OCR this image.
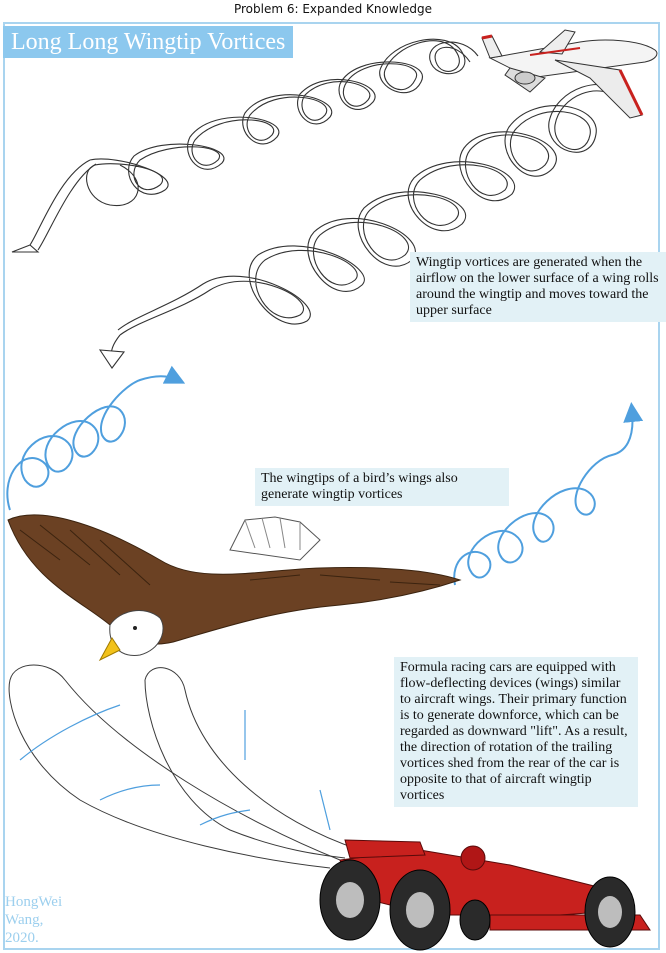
Problem 6: Expanded Knowledge
Long Long Wingtip Vortices
Wingtip vortices are generated when the airflow on the lower surface of a wing rolls around the wingtip and moves toward the upper surface
The wingtips of a bird’s wings also generate wingtip vortices
Formula racing cars are equipped with flow-deflecting devices (wings) similar to aircraft wings. Their primary function is to generate downforce, which can be regarded as downward "lift". As a result, the direction of rotation of the trailing vortices shed from the rear of the car is opposite to that of aircraft wingtip vortices
HongWei Wang, 2020.
